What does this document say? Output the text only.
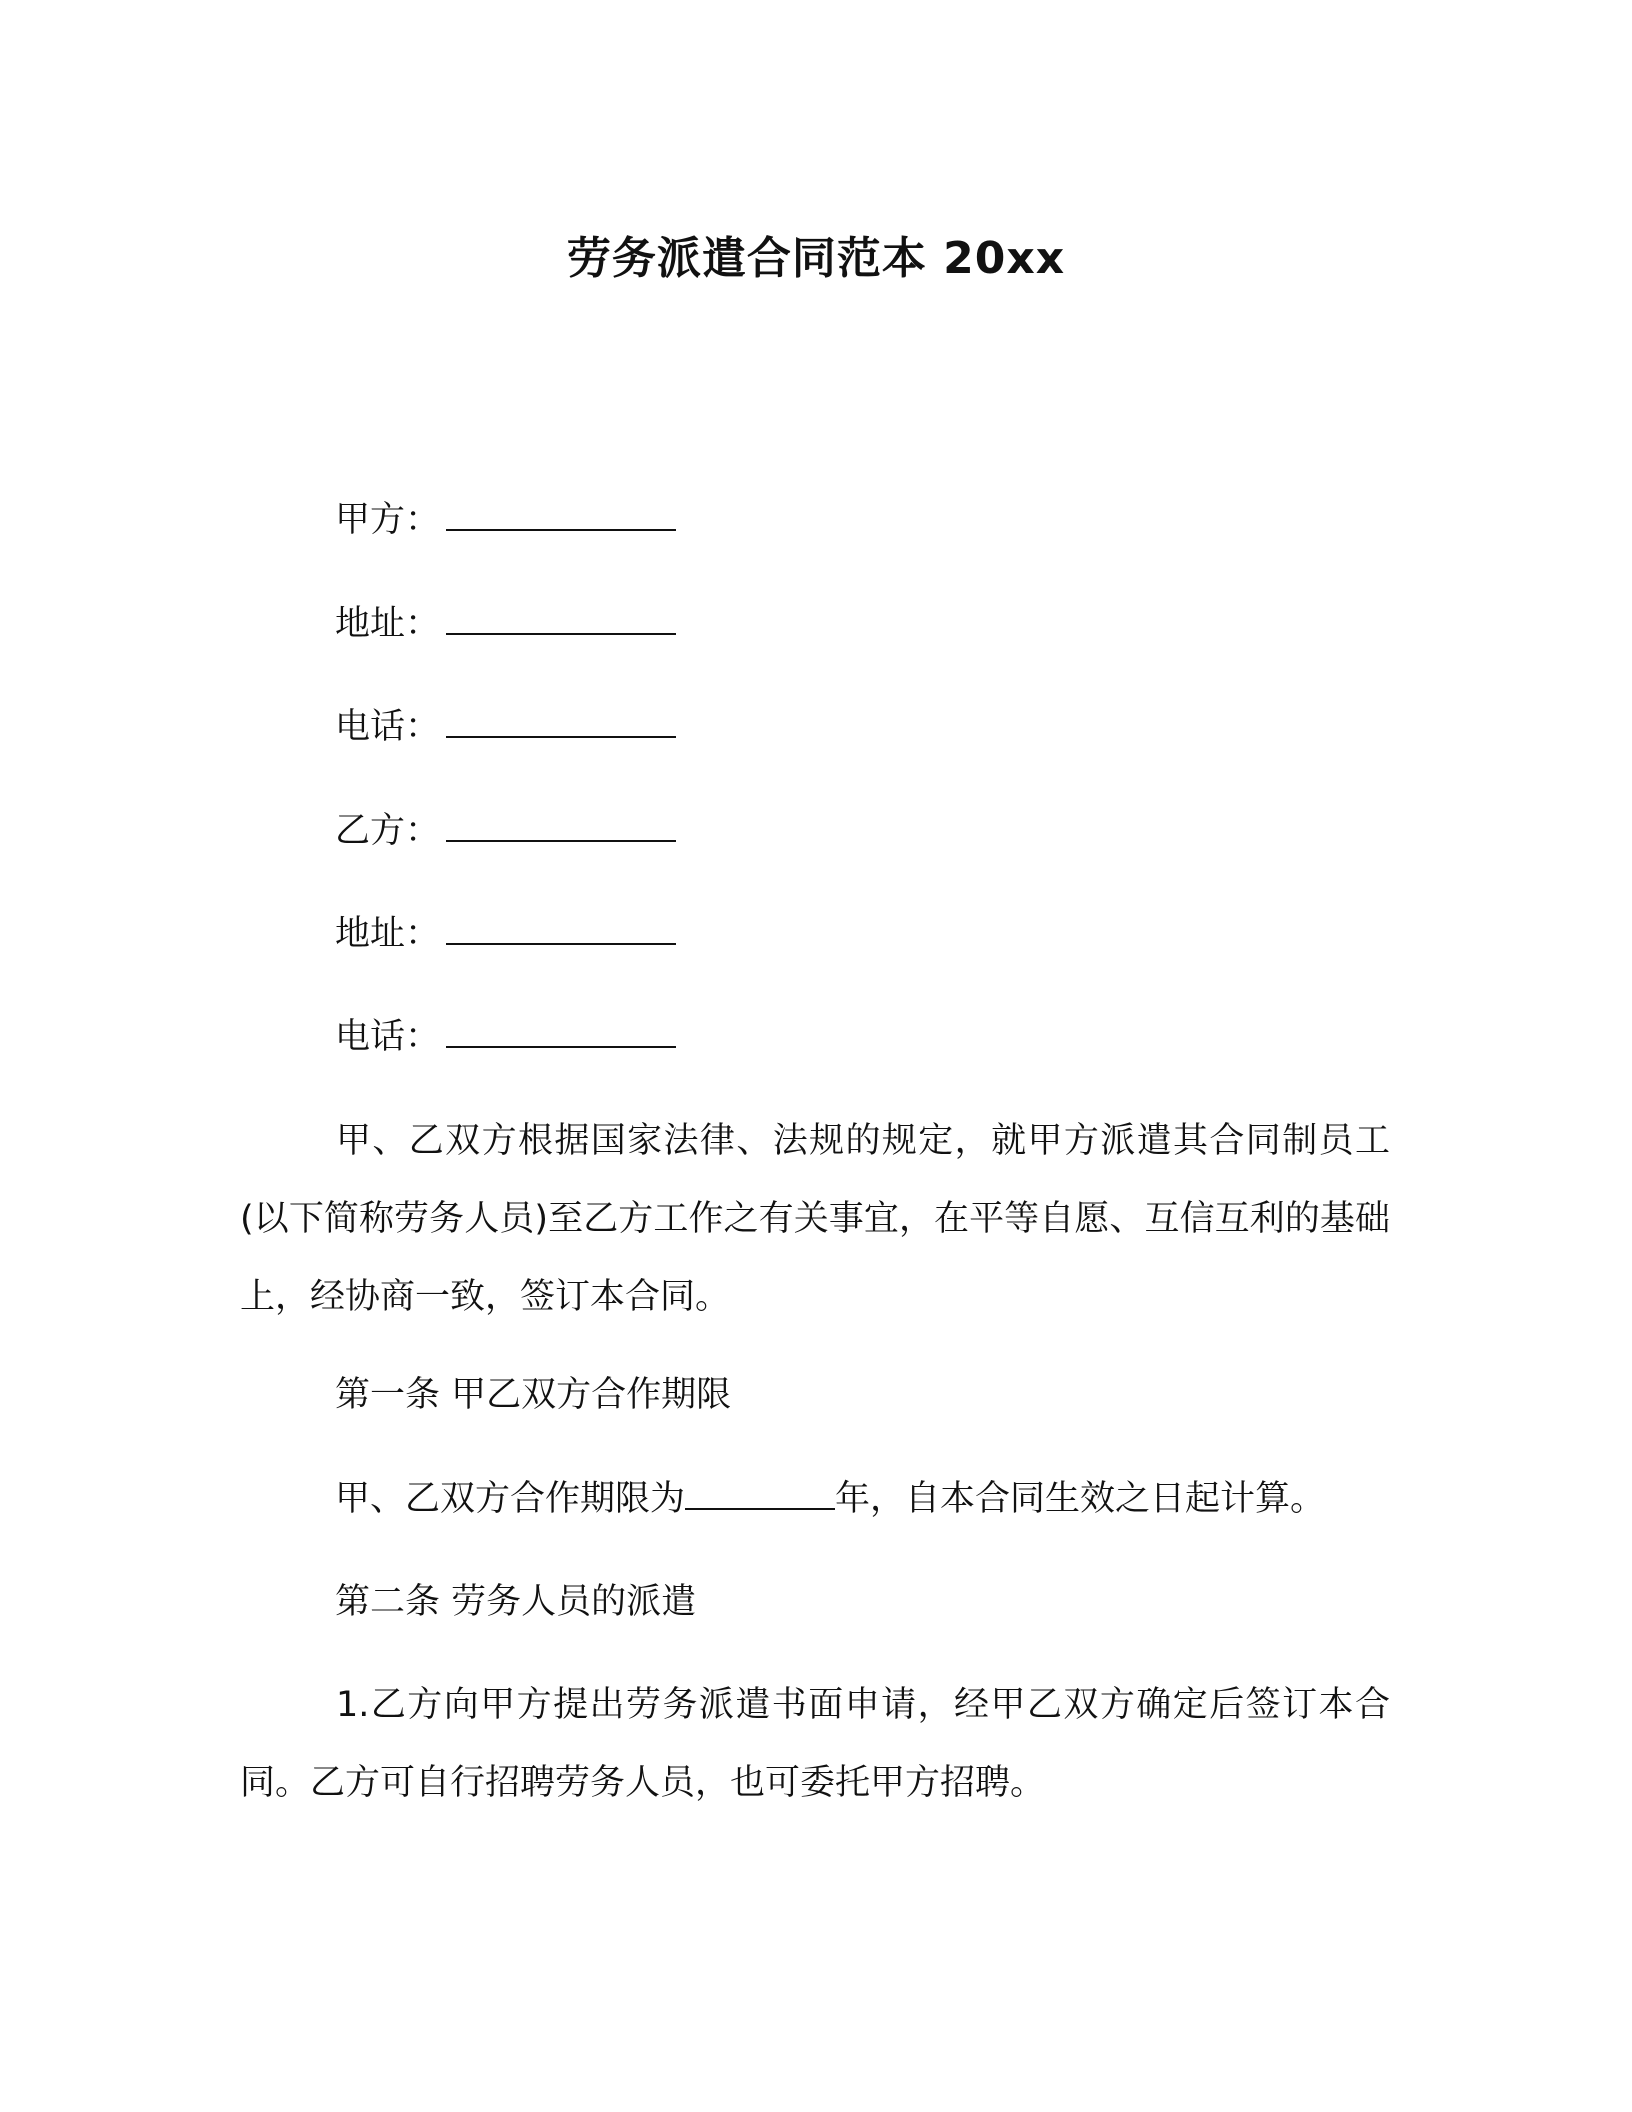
劳务派遣合同范本 20xx
甲方：
地址：
电话：
乙方：
地址：
电话：
甲、乙双方根据国家法律、法规的规定，就甲方派遣其合同制员工(以下简称劳务人员)至乙方工作之有关事宜，在平等自愿、互信互利的基础上，经协商一致，签订本合同。
第一条 甲乙双方合作期限
甲、乙双方合作期限为	年，自本合同生效之日起计算。
第二条 劳务人员的派遣
1.乙方向甲方提出劳务派遣书面申请，经甲乙双方确定后签订本合同。乙方可自行招聘劳务人员，也可委托甲方招聘。
